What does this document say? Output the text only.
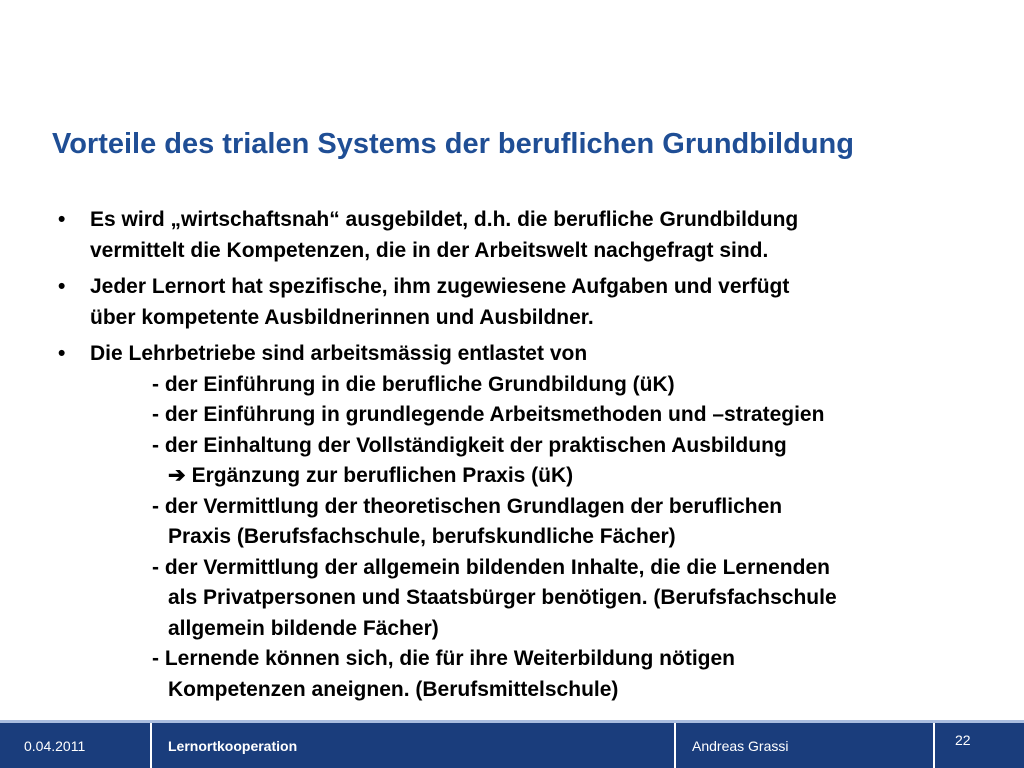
Vorteile des trialen Systems der beruflichen Grundbildung
• Es wird „wirtschaftsnah“ ausgebildet, d.h. die berufliche Grundbildung
vermittelt die Kompetenzen, die in der Arbeitswelt nachgefragt sind.
• Jeder Lernort hat spezifische, ihm zugewiesene Aufgaben und verfügt
über kompetente Ausbildnerinnen und Ausbildner.
• Die Lehrbetriebe sind arbeitsmässig entlastet von
- der Einführung in die berufliche Grundbildung (üK)
- der Einführung in grundlegende Arbeitsmethoden und –strategien
- der Einhaltung der Vollständigkeit der praktischen Ausbildung
➔ Ergänzung zur beruflichen Praxis (üK)
- der Vermittlung der theoretischen Grundlagen der beruflichen
Praxis (Berufsfachschule, berufskundliche Fächer)
- der Vermittlung der allgemein bildenden Inhalte, die die Lernenden
als Privatpersonen und Staatsbürger benötigen. (Berufsfachschule
allgemein bildende Fächer)
- Lernende können sich, die für ihre Weiterbildung nötigen
Kompetenzen aneignen. (Berufsmittelschule)
0.04.2011	Lernortkooperation	Andreas Grassi	22
